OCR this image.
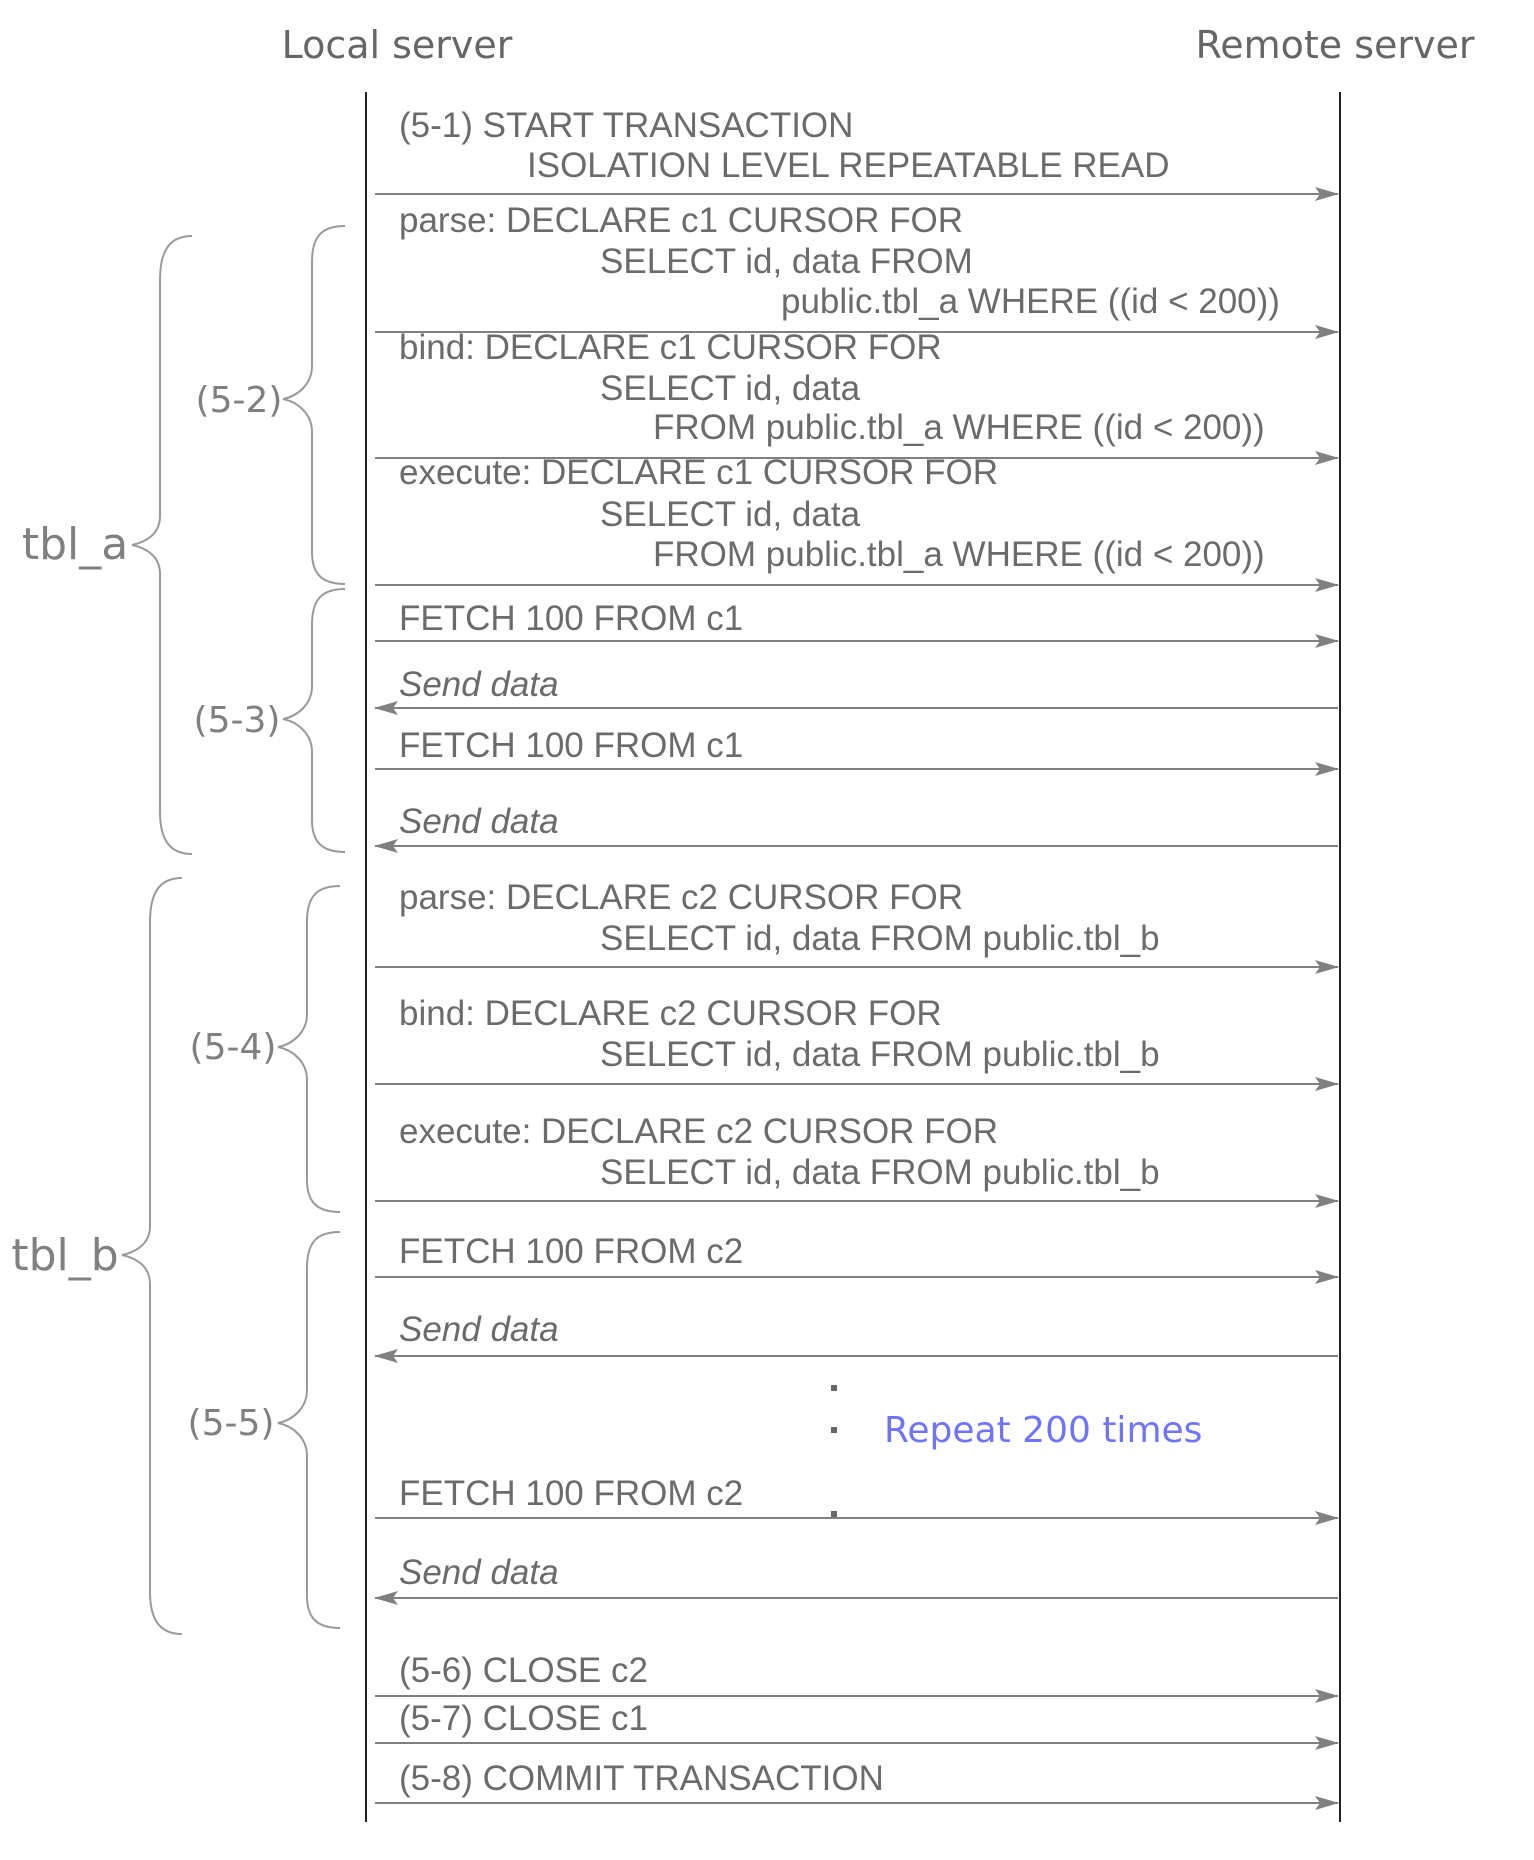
Local server	Remote server
(5-1) START TRANSACTION
ISOLATION LEVEL REPEATABLE READ
parse: DECLARE c1 CURSOR FOR
SELECT id, data FROM
public.tbl_a WHERE ((id < 200))
bind: DECLARE c1 CURSOR FOR
SELECT id, data
FROM public.tbl_a WHERE ((id < 200))
execute: DECLARE c1 CURSOR FOR
SELECT id, data
FROM public.tbl_a WHERE ((id < 200))
FETCH 100 FROM c1
Send data
FETCH 100 FROM c1
Send data
parse: DECLARE c2 CURSOR FOR
SELECT id, data FROM public.tbl_b
bind: DECLARE c2 CURSOR FOR
SELECT id, data FROM public.tbl_b
execute: DECLARE c2 CURSOR FOR
SELECT id, data FROM public.tbl_b
FETCH 100 FROM c2
Send data
Repeat 200 times
FETCH 100 FROM c2
Send data
(5-6) CLOSE c2
(5-7) CLOSE c1
(5-8) COMMIT TRANSACTION
(5-2)
(5-3)
(5-4)
(5-5)
tbl_a
tbl_b
